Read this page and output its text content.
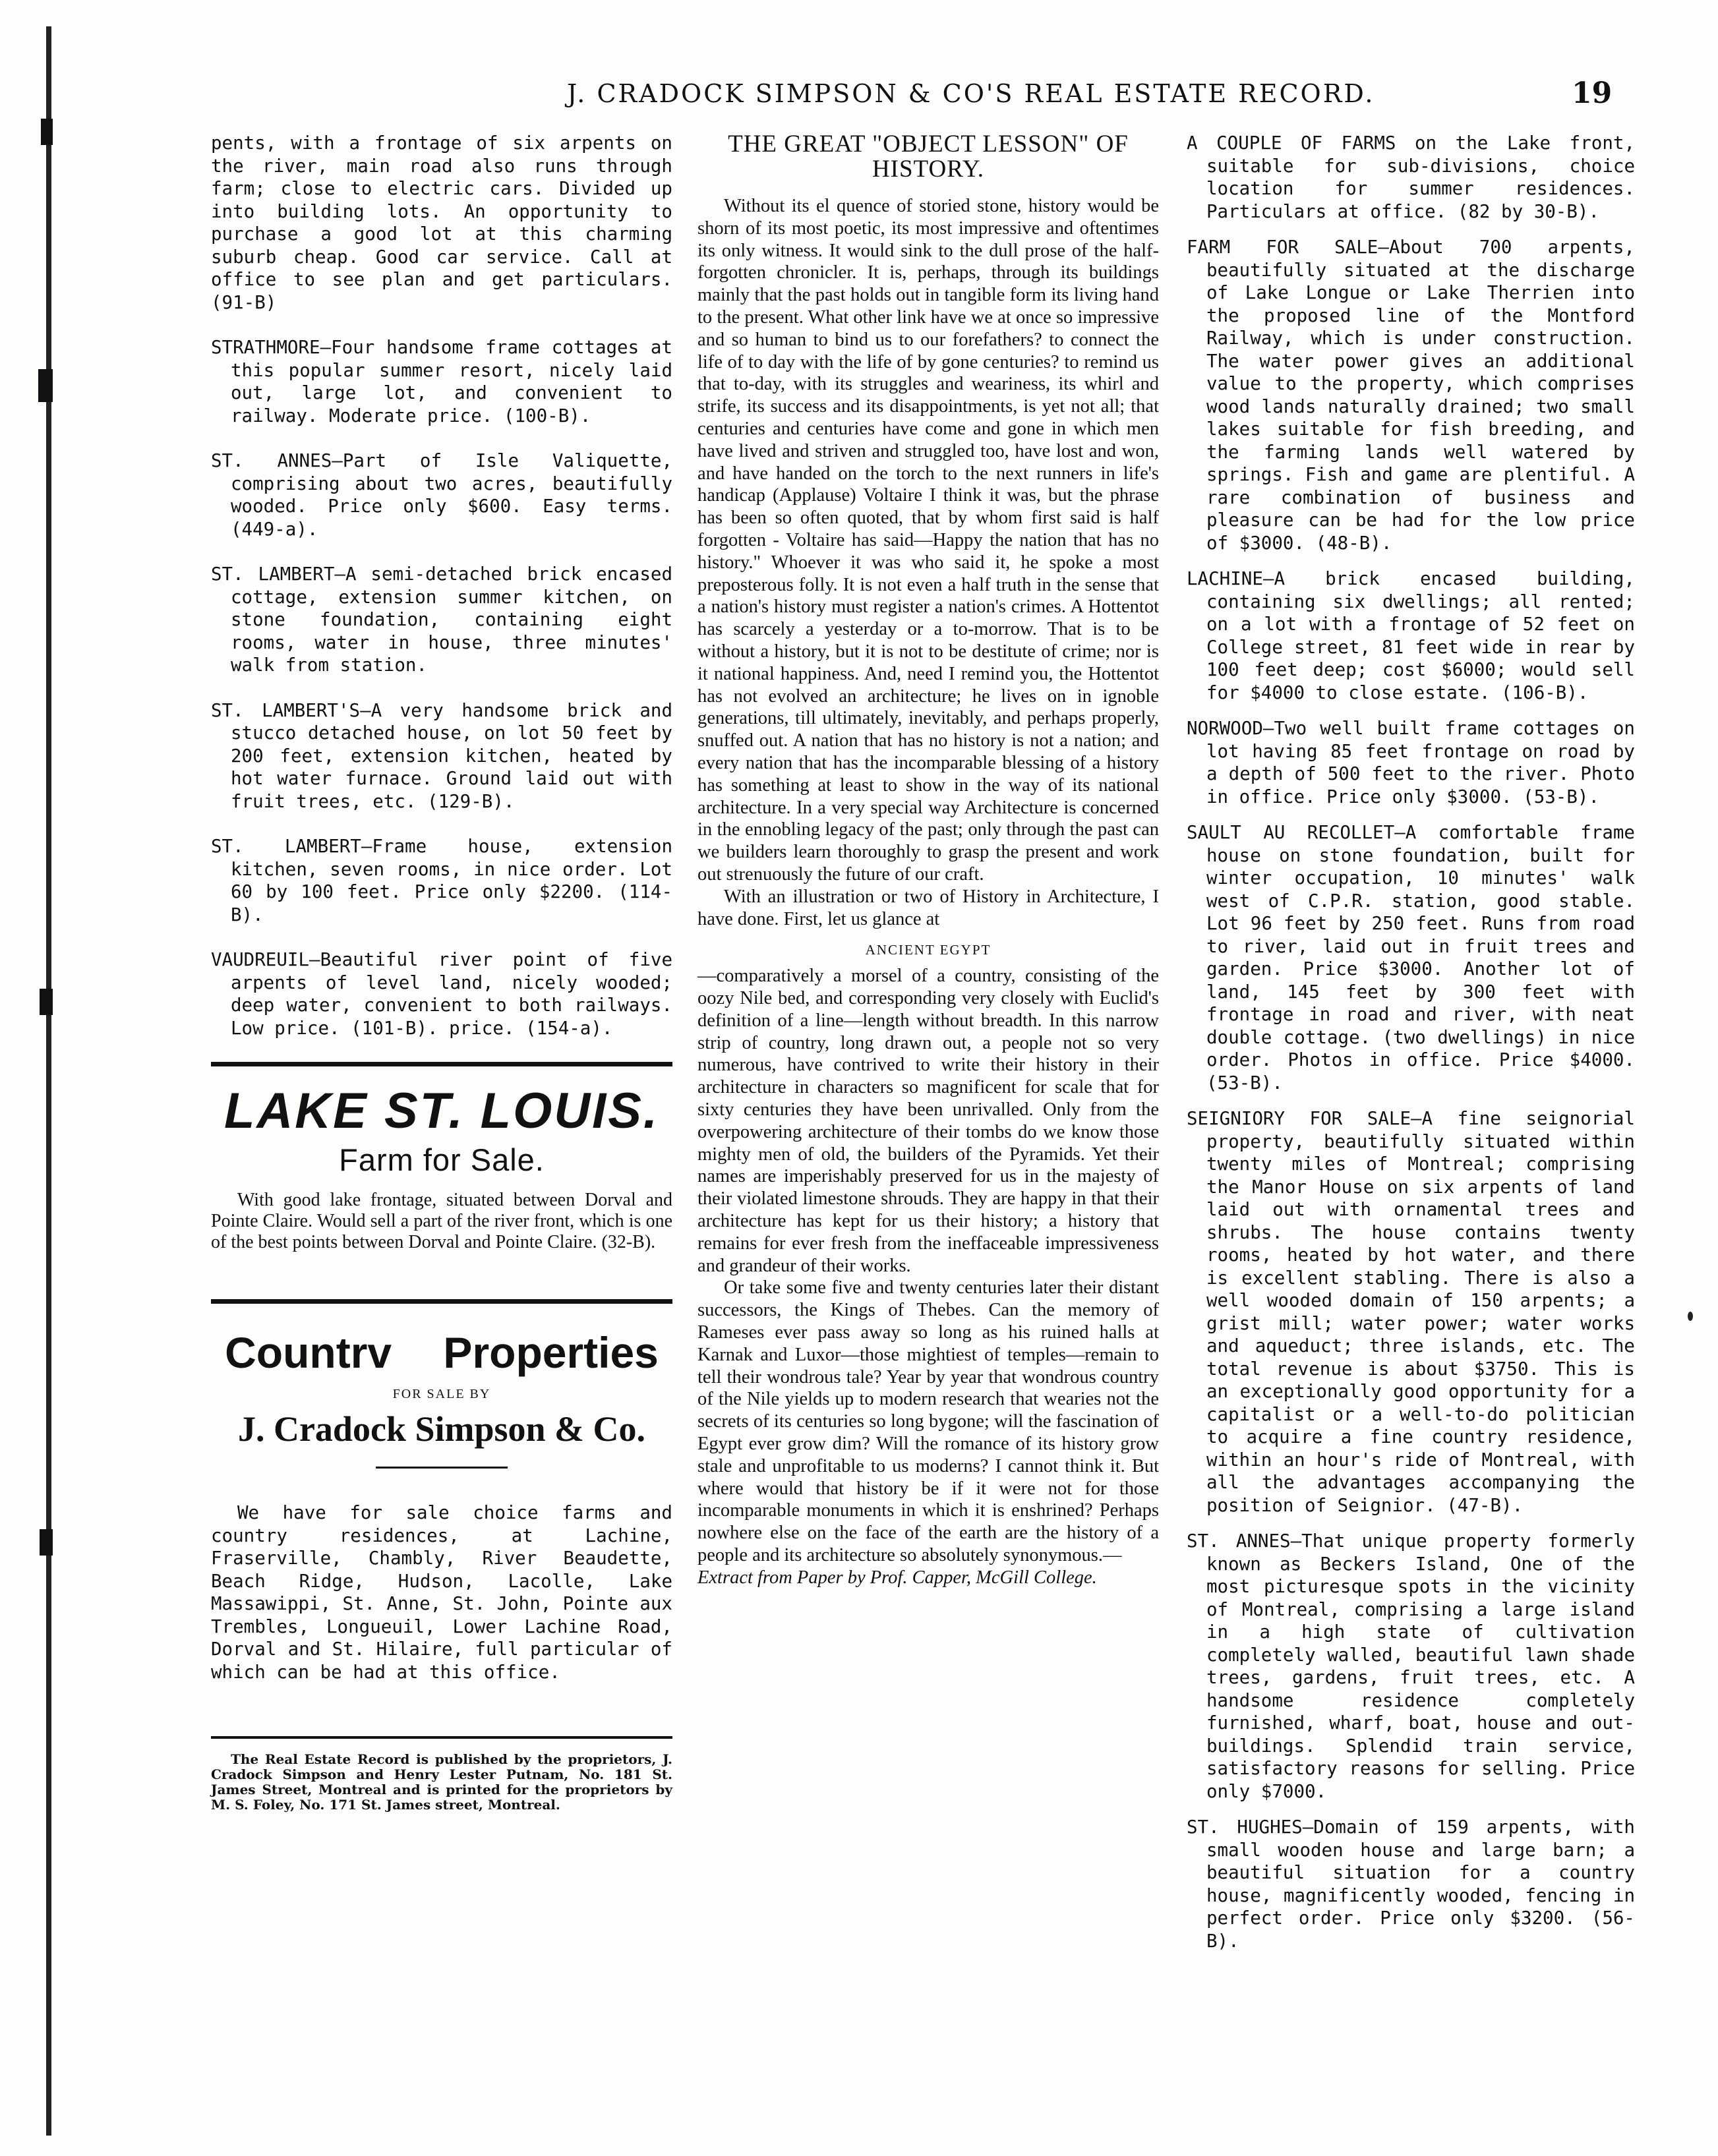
J. CRADOCK SIMPSON & CO'S REAL ESTATE RECORD.	19

pents, with a frontage of six arpents on the river, main road also runs through farm; close to electric cars. Divided up into building lots. An opportunity to purchase a good lot at this charming suburb cheap. Good car service. Call at office to see plan and get particulars. (91-B)

STRATHMORE—Four handsome frame cottages at this popular summer resort, nicely laid out, large lot, and convenient to railway. Moderate price. (100-B).

ST. ANNES—Part of Isle Valiquette, comprising about two acres, beautifully wooded. Price only $600. Easy terms. (449-a).

ST. LAMBERT—A semi-detached brick encased cottage, extension summer kitchen, on stone foundation, containing eight rooms, water in house, three minutes' walk from station.

ST. LAMBERT'S—A very handsome brick and stucco detached house, on lot 50 feet by 200 feet, extension kitchen, heated by hot water furnace. Ground laid out with fruit trees, etc. (129-B).

ST. LAMBERT—Frame house, extension kitchen, seven rooms, in nice order. Lot 60 by 100 feet. Price only $2200. (114-B).

VAUDREUIL—Beautiful river point of five arpents of level land, nicely wooded; deep water, convenient to both railways. Low price. (101-B). price. (154-a).

LAKE ST. LOUIS.
Farm for Sale.

With good lake frontage, situated between Dorval and Pointe Claire. Would sell a part of the river front, which is one of the best points between Dorval and Pointe Claire. (32-B).

Countrv Properties
FOR SALE BY
J. Cradock Simpson & Co.

We have for sale choice farms and country residences, at Lachine, Fraserville, Chambly, River Beaudette, Beach Ridge, Hudson, Lacolle, Lake Massawippi, St. Anne, St. John, Pointe aux Trembles, Longueuil, Lower Lachine Road, Dorval and St. Hilaire, full particular of which can be had at this office.

The Real Estate Record is published by the proprietors, J. Cradock Simpson and Henry Lester Putnam, No. 181 St. James Street, Montreal and is printed for the proprietors by M. S. Foley, No. 171 St. James street, Montreal.

THE GREAT "OBJECT LESSON" OF HISTORY.

Without its el quence of storied stone, history would be shorn of its most poetic, its most impressive and oftentimes its only witness. It would sink to the dull prose of the half-forgotten chronicler. It is, perhaps, through its buildings mainly that the past holds out in tangible form its living hand to the present. What other link have we at once so impressive and so human to bind us to our forefathers? to connect the life of to day with the life of by gone centuries? to remind us that to-day, with its struggles and weariness, its whirl and strife, its success and its disappointments, is yet not all; that centuries and centuries have come and gone in which men have lived and striven and struggled too, have lost and won, and have handed on the torch to the next runners in life's handicap (Applause) Voltaire I think it was, but the phrase has been so often quoted, that by whom first said is half forgotten - Voltaire has said—Happy the nation that has no history." Whoever it was who said it, he spoke a most preposterous folly. It is not even a half truth in the sense that a nation's history must register a nation's crimes. A Hottentot has scarcely a yesterday or a to-morrow. That is to be without a history, but it is not to be destitute of crime; nor is it national happiness. And, need I remind you, the Hottentot has not evolved an architecture; he lives on in ignoble generations, till ultimately, inevitably, and perhaps properly, snuffed out. A nation that has no history is not a nation; and every nation that has the incomparable blessing of a history has something at least to show in the way of its national architecture. In a very special way Architecture is concerned in the ennobling legacy of the past; only through the past can we builders learn thoroughly to grasp the present and work out strenuously the future of our craft.

With an illustration or two of History in Architecture, I have done. First, let us glance at

ANCIENT EGYPT

—comparatively a morsel of a country, consisting of the oozy Nile bed, and corresponding very closely with Euclid's definition of a line—length without breadth. In this narrow strip of country, long drawn out, a people not so very numerous, have contrived to write their history in their architecture in characters so magnificent for scale that for sixty centuries they have been unrivalled. Only from the overpowering architecture of their tombs do we know those mighty men of old, the builders of the Pyramids. Yet their names are imperishably preserved for us in the majesty of their violated limestone shrouds. They are happy in that their architecture has kept for us their history; a history that remains for ever fresh from the ineffaceable impressiveness and grandeur of their works.

Or take some five and twenty centuries later their distant successors, the Kings of Thebes. Can the memory of Rameses ever pass away so long as his ruined halls at Karnak and Luxor—those mightiest of temples—remain to tell their wondrous tale? Year by year that wondrous country of the Nile yields up to modern research that wearies not the secrets of its centuries so long bygone; will the fascination of Egypt ever grow dim? Will the romance of its history grow stale and unprofitable to us moderns? I cannot think it. But where would that history be if it were not for those incomparable monuments in which it is enshrined? Perhaps nowhere else on the face of the earth are the history of a people and its architecture so absolutely synonymous.—

Extract from Paper by Prof. Capper, McGill College.

A COUPLE OF FARMS on the Lake front, suitable for sub-divisions, choice location for summer residences. Particulars at office. (82 by 30-B).

FARM FOR SALE—About 700 arpents, beautifully situated at the discharge of Lake Longue or Lake Therrien into the proposed line of the Montford Railway, which is under construction. The water power gives an additional value to the property, which comprises wood lands naturally drained; two small lakes suitable for fish breeding, and the farming lands well watered by springs. Fish and game are plentiful. A rare combination of business and pleasure can be had for the low price of $3000. (48-B).

LACHINE—A brick encased building, containing six dwellings; all rented; on a lot with a frontage of 52 feet on College street, 81 feet wide in rear by 100 feet deep; cost $6000; would sell for $4000 to close estate. (106-B).

NORWOOD—Two well built frame cottages on lot having 85 feet frontage on road by a depth of 500 feet to the river. Photo in office. Price only $3000. (53-B).

SAULT AU RECOLLET—A comfortable frame house on stone foundation, built for winter occupation, 10 minutes' walk west of C.P.R. station, good stable. Lot 96 feet by 250 feet. Runs from road to river, laid out in fruit trees and garden. Price $3000. Another lot of land, 145 feet by 300 feet with frontage in road and river, with neat double cottage. (two dwellings) in nice order. Photos in office. Price $4000. (53-B).

SEIGNIORY FOR SALE—A fine seignorial property, beautifully situated within twenty miles of Montreal; comprising the Manor House on six arpents of land laid out with ornamental trees and shrubs. The house contains twenty rooms, heated by hot water, and there is excellent stabling. There is also a well wooded domain of 150 arpents; a grist mill; water power; water works and aqueduct; three islands, etc. The total revenue is about $3750. This is an exceptionally good opportunity for a capitalist or a well-to-do politician to acquire a fine country residence, within an hour's ride of Montreal, with all the advantages accompanying the position of Seignior. (47-B).

ST. ANNES—That unique property formerly known as Beckers Island, One of the most picturesque spots in the vicinity of Montreal, comprising a large island in a high state of cultivation completely walled, beautiful lawn shade trees, gardens, fruit trees, etc. A handsome residence completely furnished, wharf, boat, house and out-buildings. Splendid train service, satisfactory reasons for selling. Price only $7000.

ST. HUGHES—Domain of 159 arpents, with small wooden house and large barn; a beautiful situation for a country house, magnificently wooded, fencing in perfect order. Price only $3200. (56-B).
